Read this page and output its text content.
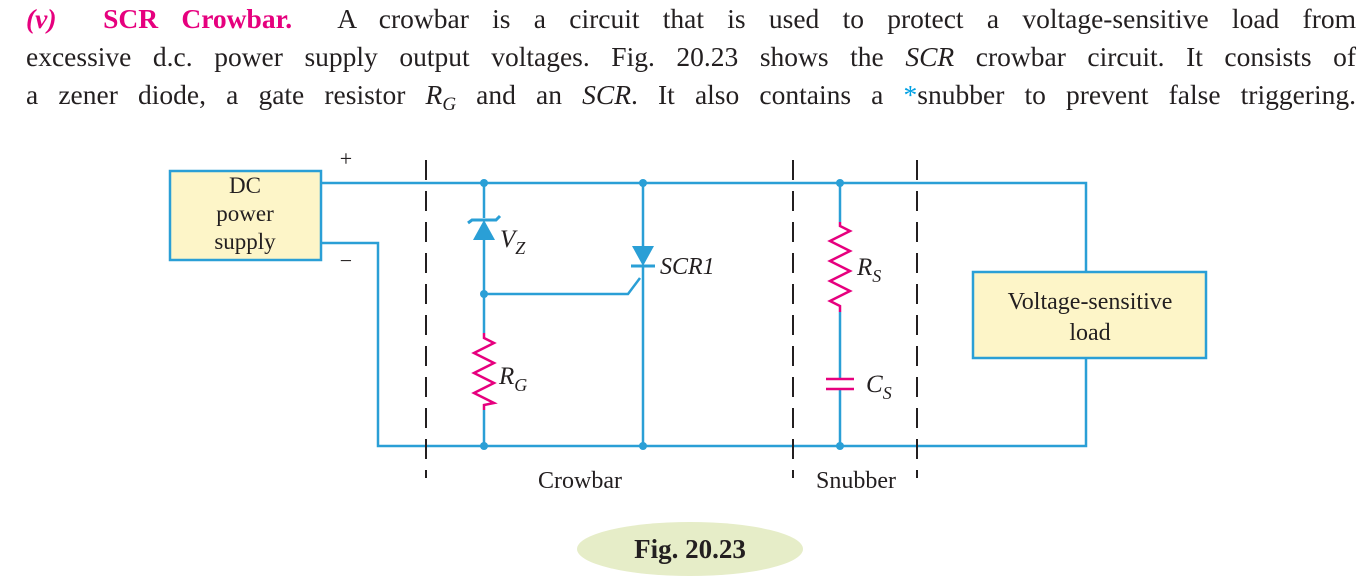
(v) SCR Crowbar. A crowbar is a circuit that is used to protect a voltage-sensitive load from
excessive d.c. power supply output voltages. Fig. 20.23 shows the SCR crowbar circuit. It consists of
a zener diode, a gate resistor $R_G$ and an SCR. It also contains a *snubber to prevent false triggering.
DC
power
supply
+
−
$V_Z$
SCR1
$R_G$
$R_S$
$C_S$
Voltage-sensitive
load
Crowbar	Snubber
Fig. 20.23
